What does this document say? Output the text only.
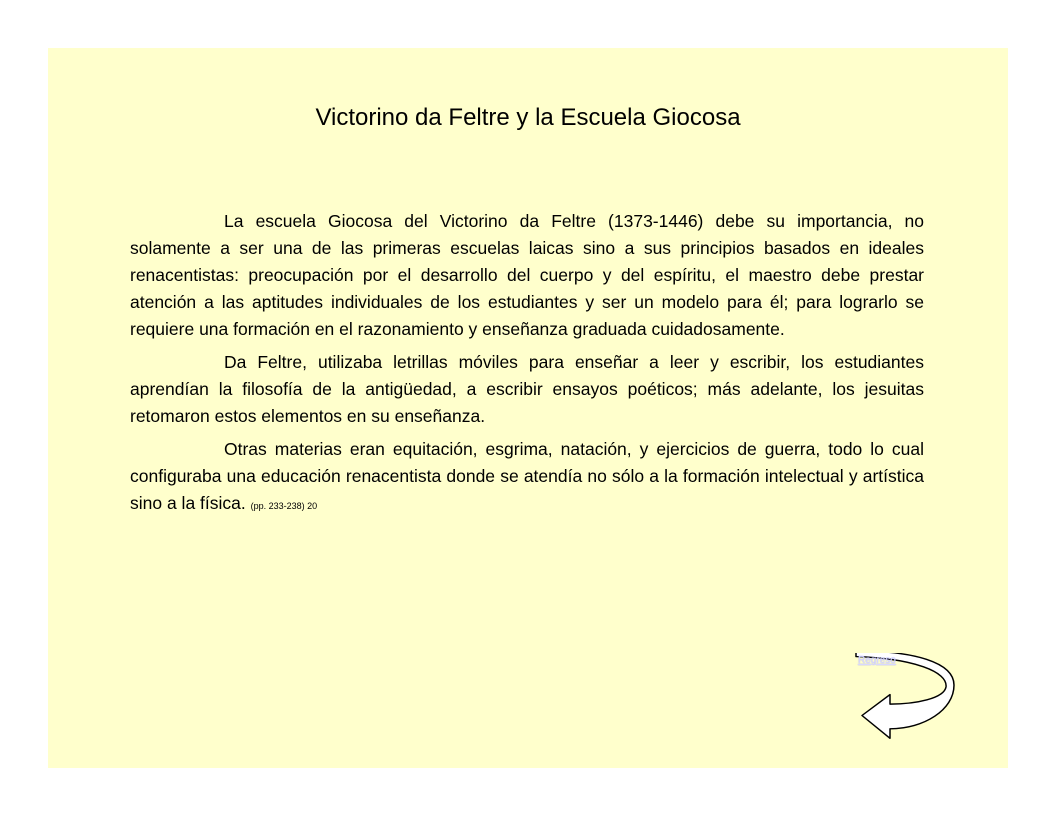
Victorino da Feltre y la Escuela Giocosa

La escuela Giocosa del Victorino da Feltre (1373-1446) debe su importancia, no solamente a ser una de las primeras escuelas laicas sino a sus principios basados en ideales renacentistas: preocupación por el desarrollo del cuerpo y del espíritu, el maestro debe prestar atención a las aptitudes individuales de los estudiantes y ser un modelo para él; para lograrlo se requiere una formación en el razonamiento y enseñanza graduada cuidadosamente.

Da Feltre, utilizaba letrillas móviles para enseñar a leer y escribir, los estudiantes aprendían la filosofía de la antigüedad, a escribir ensayos poéticos; más adelante, los jesuitas retomaron estos elementos en su enseñanza.

Otras materias eran equitación, esgrima, natación, y ejercicios de guerra, todo lo cual configuraba una educación renacentista donde se atendía no sólo a la formación intelectual y artística sino a la física. (pp. 233-238) 20

Regreso
